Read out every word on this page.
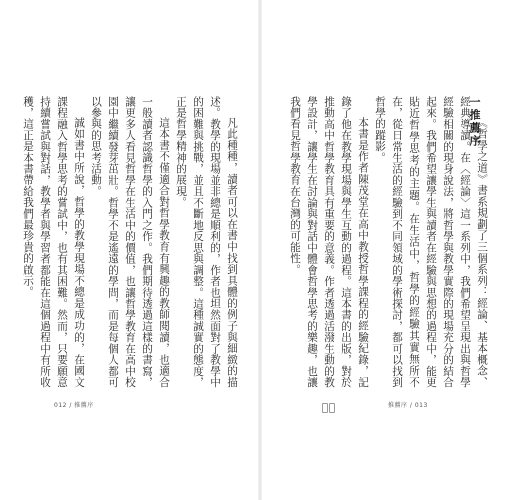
凡此種種，讀者可以在書中找到具體的例子與細緻的描述。教學的現場並非總是順利的，作者也坦然面對了教學中的困難與挑戰，並且不斷地反思與調整。這種誠實的態度，正是哲學精神的展現。

這本書不僅適合對哲學教育有興趣的教師閱讀，也適合一般讀者認識哲學的入門之作。我們期待透過這樣的書寫，讓更多人看見哲學在生活中的價值，也讓哲學教育在高中校園中繼續發芽茁壯。哲學不是遙遠的學問，而是每個人都可以參與的思考活動。

誠如書中所說，哲學的教學現場不總是成功的，在國文課程融入哲學思考的嘗試中，也有其困難。然而，只要願意持續嘗試與對話，教學者與學習者都能在這個過程中有所收穫，這正是本書帶給我們最珍貴的啟示。

012 / 推薦序

《哲學之道》書系規劃了三個系列：經論、基本概念、經典導讀。在〈經論〉這一系列中，我們希望呈現出與哲學經驗相關的現身說法，將哲學與教學實際的現場充分的結合起來。我們希望讓學生與讀者在經驗與思想的過程中，能更貼近哲學思考的主題。在生活中，哲學的經驗其實無所不在，從日常生活的經驗到不同領域的學術探討，都可以找到哲學的蹤影。

本書是作者陳茂堂在高中教授哲學課程的經驗紀錄，記錄了他在教學現場與學生互動的過程。這本書的出版，對於推動高中哲學教育具有重要的意義。作者透過活潑生動的教學設計，讓學生在討論與對話中體會哲學思考的樂趣，也讓我們看見哲學教育在台灣的可能性。	一推薦序
推薦序 / 013
